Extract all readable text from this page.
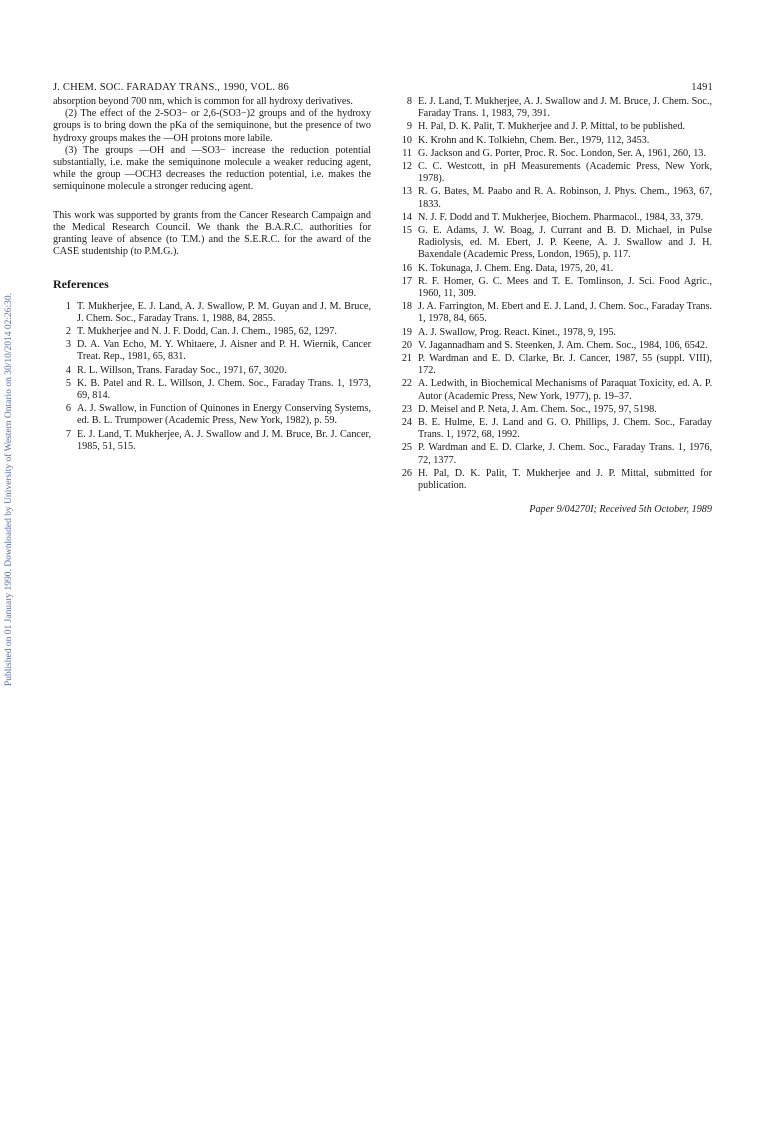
Published on 01 January 1990. Downloaded by University of Western Ontario on 30/10/2014 02:26:30.
J. CHEM. SOC. FARADAY TRANS., 1990, VOL. 86	1491

absorption beyond 700 nm, which is common for all hydroxy derivatives.

(2) The effect of the 2-SO3− or 2,6-(SO3−)2 groups and of the hydroxy groups is to bring down the pKa of the semiquinone, but the presence of two hydroxy groups makes the —OH protons more labile.

(3) The groups —OH and —SO3− increase the reduction potential substantially, i.e. make the semiquinone molecule a weaker reducing agent, while the group —OCH3 decreases the reduction potential, i.e. makes the semiquinone molecule a stronger reducing agent.

This work was supported by grants from the Cancer Research Campaign and the Medical Research Council. We thank the B.A.R.C. authorities for granting leave of absence (to T.M.) and the S.E.R.C. for the award of the CASE studentship (to P.M.G.).

References
1 T. Mukherjee, E. J. Land, A. J. Swallow, P. M. Guyan and J. M. Bruce, J. Chem. Soc., Faraday Trans. 1, 1988, 84, 2855.
2 T. Mukherjee and N. J. F. Dodd, Can. J. Chem., 1985, 62, 1297.
3 D. A. Van Echo, M. Y. Whitaere, J. Aisner and P. H. Wiernik, Cancer Treat. Rep., 1981, 65, 831.
4 R. L. Willson, Trans. Faraday Soc., 1971, 67, 3020.
5 K. B. Patel and R. L. Willson, J. Chem. Soc., Faraday Trans. 1, 1973, 69, 814.
6 A. J. Swallow, in Function of Quinones in Energy Conserving Systems, ed. B. L. Trumpower (Academic Press, New York, 1982), p. 59.
7 E. J. Land, T. Mukherjee, A. J. Swallow and J. M. Bruce, Br. J. Cancer, 1985, 51, 515.
8 E. J. Land, T. Mukherjee, A. J. Swallow and J. M. Bruce, J. Chem. Soc., Faraday Trans. 1, 1983, 79, 391.
9 H. Pal, D. K. Palit, T. Mukherjee and J. P. Mittal, to be published.
10 K. Krohn and K. Tolkiehn, Chem. Ber., 1979, 112, 3453.
11 G. Jackson and G. Porter, Proc. R. Soc. London, Ser. A, 1961, 260, 13.
12 C. C. Westcott, in pH Measurements (Academic Press, New York, 1978).
13 R. G. Bates, M. Paabo and R. A. Robinson, J. Phys. Chem., 1963, 67, 1833.
14 N. J. F. Dodd and T. Mukherjee, Biochem. Pharmacol., 1984, 33, 379.
15 G. E. Adams, J. W. Boag, J. Currant and B. D. Michael, in Pulse Radiolysis, ed. M. Ebert, J. P. Keene, A. J. Swallow and J. H. Baxendale (Academic Press, London, 1965), p. 117.
16 K. Tokunaga, J. Chem. Eng. Data, 1975, 20, 41.
17 R. F. Homer, G. C. Mees and T. E. Tomlinson, J. Sci. Food Agric., 1960, 11, 309.
18 J. A. Farrington, M. Ebert and E. J. Land, J. Chem. Soc., Faraday Trans. 1, 1978, 84, 665.
19 A. J. Swallow, Prog. React. Kinet., 1978, 9, 195.
20 V. Jagannadham and S. Steenken, J. Am. Chem. Soc., 1984, 106, 6542.
21 P. Wardman and E. D. Clarke, Br. J. Cancer, 1987, 55 (suppl. VIII), 172.
22 A. Ledwith, in Biochemical Mechanisms of Paraquat Toxicity, ed. A. P. Autor (Academic Press, New York, 1977), p. 19–37.
23 D. Meisel and P. Neta, J. Am. Chem. Soc., 1975, 97, 5198.
24 B. E. Hulme, E. J. Land and G. O. Phillips, J. Chem. Soc., Faraday Trans. 1, 1972, 68, 1992.
25 P. Wardman and E. D. Clarke, J. Chem. Soc., Faraday Trans. 1, 1976, 72, 1377.
26 H. Pal, D. K. Palit, T. Mukherjee and J. P. Mittal, submitted for publication.
Paper 9/04270I; Received 5th October, 1989
